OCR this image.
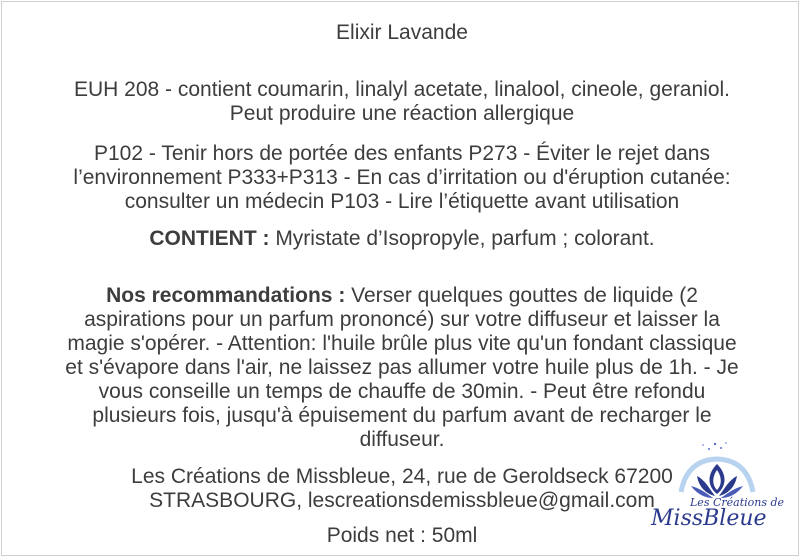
Elixir Lavande

EUH 208 - contient coumarin, linalyl acetate, linalool, cineole, geraniol.
Peut produire une réaction allergique
P102 - Tenir hors de portée des enfants P273 - Éviter le rejet dans
l’environnement P333+P313 - En cas d’irritation ou d'éruption cutanée:
consulter un médecin P103 - Lire l’étiquette avant utilisation
CONTIENT : Myristate d’Isopropyle, parfum ; colorant.
Nos recommandations : Verser quelques gouttes de liquide (2
aspirations pour un parfum prononcé) sur votre diffuseur et laisser la
magie s'opérer. - Attention: l'huile brûle plus vite qu'un fondant classique
et s'évapore dans l'air, ne laissez pas allumer votre huile plus de 1h. - Je
vous conseille un temps de chauffe de 30min. - Peut être refondu
plusieurs fois, jusqu'à épuisement du parfum avant de recharger le
diffuseur.
Les Créations de Missbleue, 24, rue de Geroldseck 67200
STRASBOURG, lescreationsdemissbleue@gmail.com

Poids net : 50ml

Les Créations de
MissBleue
